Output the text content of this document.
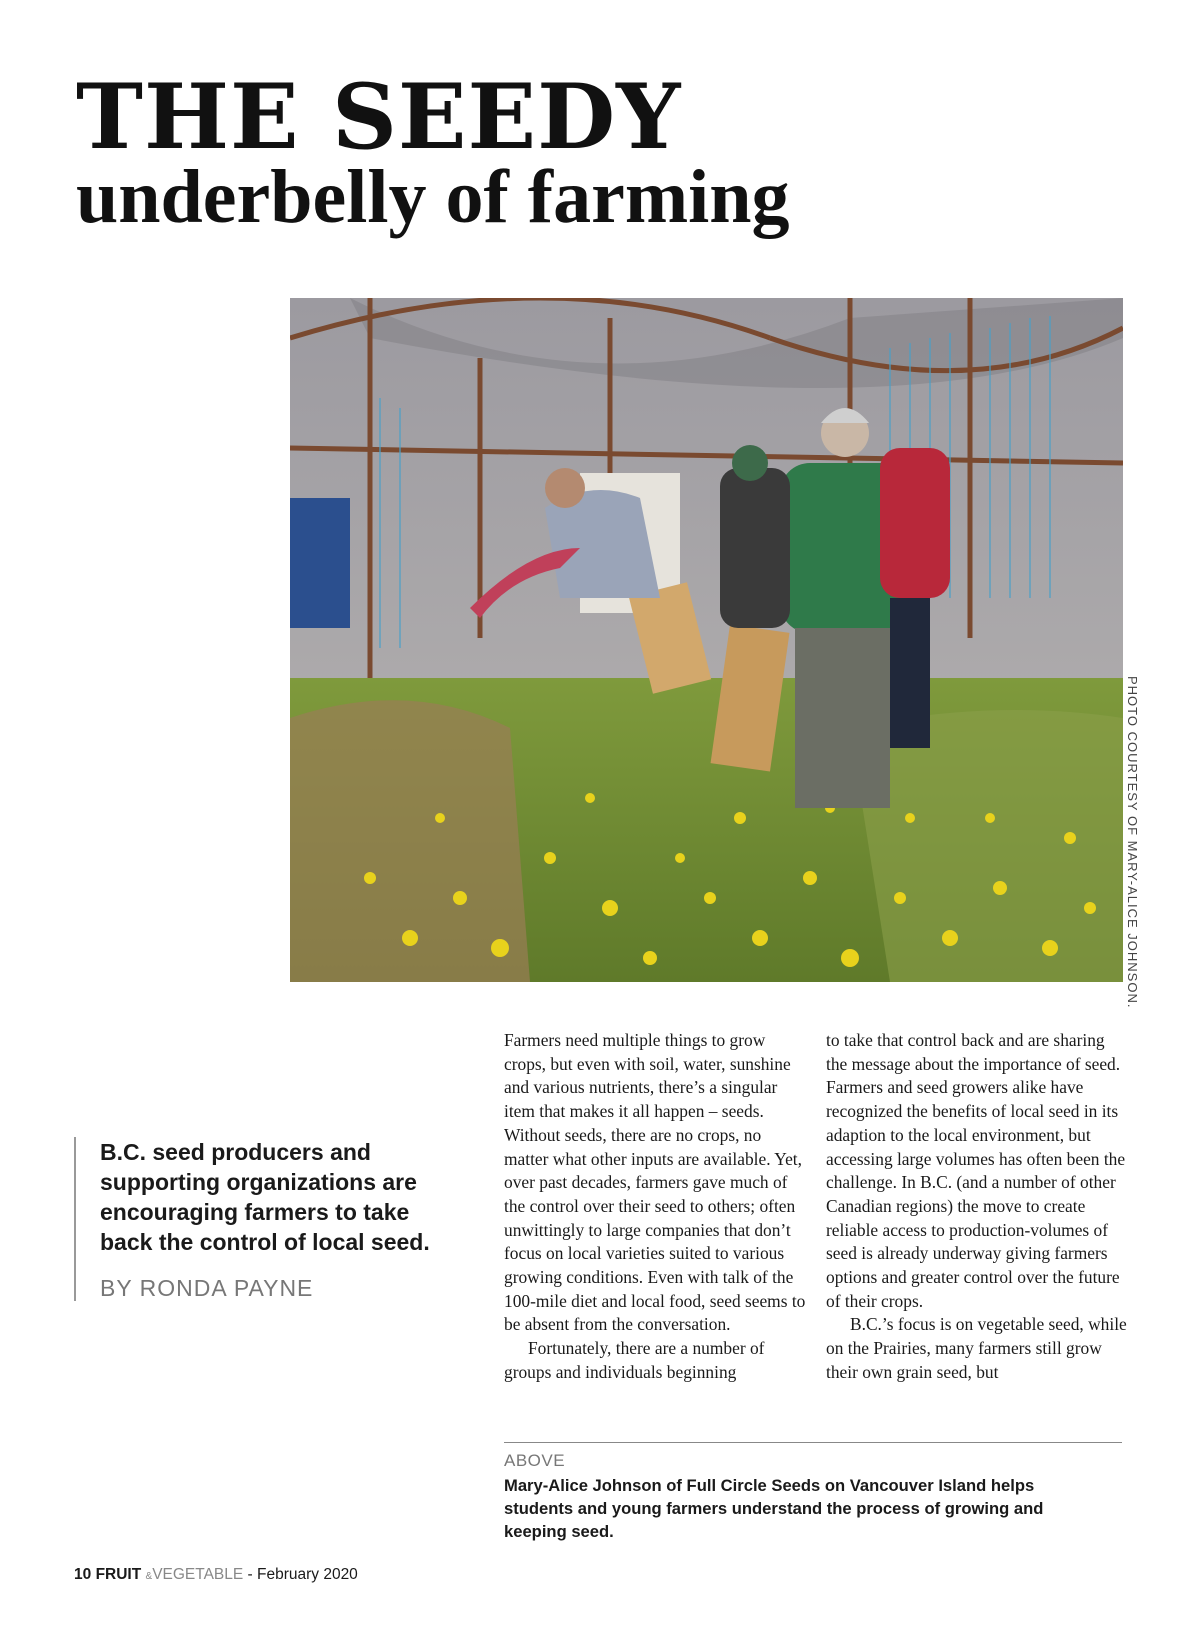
THE SEEDY
underbelly of farming
PHOTO COURTESY OF MARY-ALICE JOHNSON.

B.C. seed producers and supporting organizations are encouraging farmers to take back the control of local seed.

BY RONDA PAYNE

Farmers need multiple things to grow crops, but even with soil, water, sunshine and various nutrients, there’s a singular item that makes it all happen – seeds. Without seeds, there are no crops, no matter what other inputs are available. Yet, over past decades, farmers gave much of the control over their seed to others; often unwittingly to large companies that don’t focus on local varieties suited to various growing conditions. Even with talk of the 100-mile diet and local food, seed seems to be absent from the conversation.

Fortunately, there are a number of groups and individuals beginning

to take that control back and are sharing the message about the importance of seed. Farmers and seed growers alike have recognized the benefits of local seed in its adaption to the local environment, but accessing large volumes has often been the challenge. In B.C. (and a number of other Canadian regions) the move to create reliable access to production-volumes of seed is already underway giving farmers options and greater control over the future of their crops.

B.C.’s focus is on vegetable seed, while on the Prairies, many farmers still grow their own grain seed, but

ABOVE
Mary-Alice Johnson of Full Circle Seeds on Vancouver Island helps students and young farmers understand the process of growing and keeping seed.
10 FRUIT &VEGETABLE - February 2020
